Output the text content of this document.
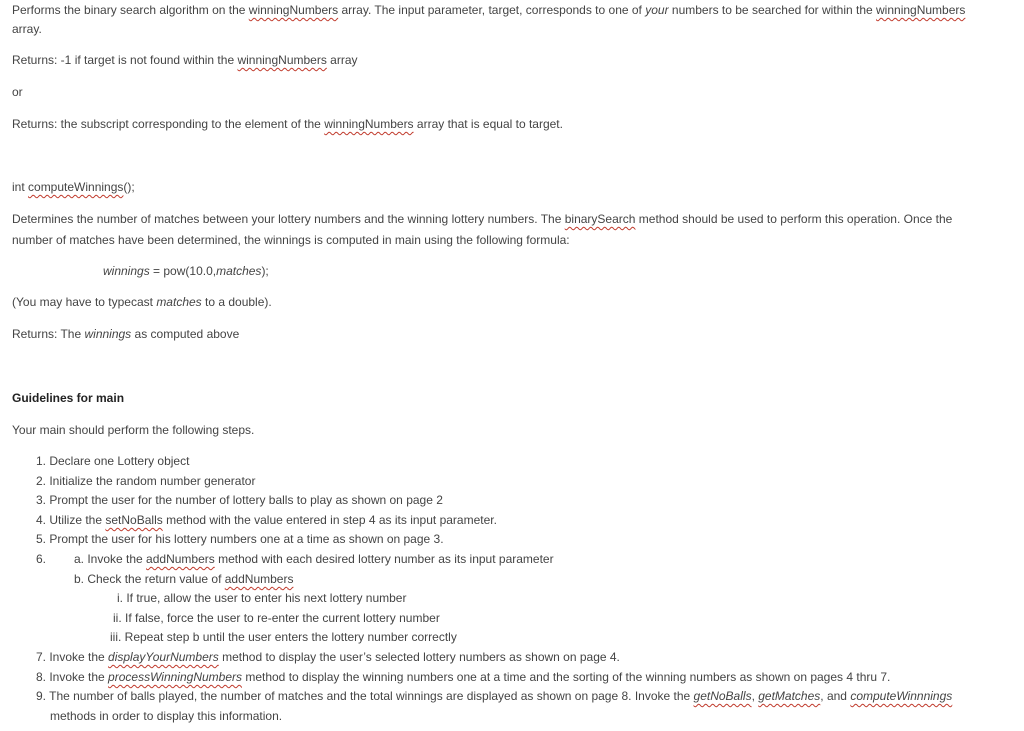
Performs the binary search algorithm on the winningNumbers array. The input parameter, target, corresponds to one of your numbers to be searched for within the winningNumbers

array.

Returns: -1 if target is not found within the winningNumbers array

or

Returns: the subscript corresponding to the element of the winningNumbers array that is equal to target.

int computeWinnings();

Determines the number of matches between your lottery numbers and the winning lottery numbers. The binarySearch method should be used to perform this operation. Once the

number of matches have been determined, the winnings is computed in main using the following formula:

winnings = pow(10.0,matches);

(You may have to typecast matches to a double).

Returns: The winnings as computed above

Guidelines for main

Your main should perform the following steps.

1. Declare one Lottery object

2. Initialize the random number generator

3. Prompt the user for the number of lottery balls to play as shown on page 2

4. Utilize the setNoBalls method with the value entered in step 4 as its input parameter.

5. Prompt the user for his lottery numbers one at a time as shown on page 3.

6. a. Invoke the addNumbers method with each desired lottery number as its input parameter

b. Check the return value of addNumbers

i. If true, allow the user to enter his next lottery number

ii. If false, force the user to re-enter the current lottery number

iii. Repeat step b until the user enters the lottery number correctly

7. Invoke the displayYourNumbers method to display the user’s selected lottery numbers as shown on page 4.

8. Invoke the processWinningNumbers method to display the winning numbers one at a time and the sorting of the winning numbers as shown on pages 4 thru 7.

9. The number of balls played, the number of matches and the total winnings are displayed as shown on page 8. Invoke the getNoBalls, getMatches, and computeWinnnings

methods in order to display this information.
